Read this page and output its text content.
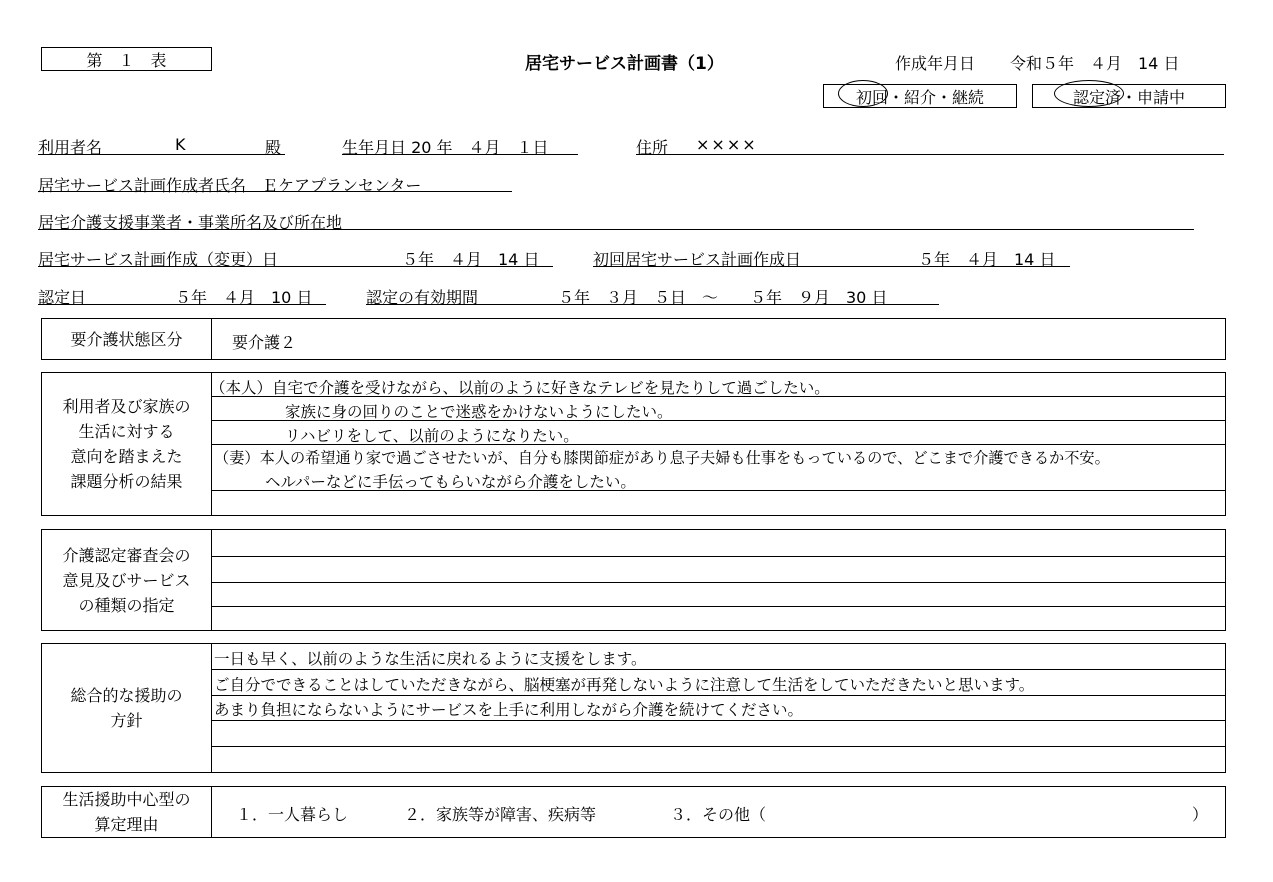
第　１　表	居宅サービス計画書（1）	作成年月日 令和５年　４月　14 日
初回・紹介・継続	認定済・申請中
利用者名	K	殿	生年月日 20 年　４月　１日	住所 ××××
居宅サービス計画作成者氏名　Ｅケアプランセンター
居宅介護支援事業者・事業所名及び所在地
居宅サービス計画作成（変更）日	５年　４月　14 日	初回居宅サービス計画作成日	５年　４月　14 日
認定日	５年　４月　10 日	認定の有効期間	５年　３月　５日　～　　５年　９月　30 日
要介護状態区分	要介護２
利用者及び家族の
生活に対する
意向を踏まえた
課題分析の結果
（本人）自宅で介護を受けながら、以前のように好きなテレビを見たりして過ごしたい。
家族に身の回りのことで迷惑をかけないようにしたい。
リハビリをして、以前のようになりたい。
（妻）本人の希望通り家で過ごさせたいが、自分も膝関節症があり息子夫婦も仕事をもっているので、どこまで介護できるか不安。
ヘルパーなどに手伝ってもらいながら介護をしたい。
介護認定審査会の
意見及びサービス
の種類の指定
総合的な援助の
方針
一日も早く、以前のような生活に戻れるように支援をします。
ご自分でできることはしていただきながら、脳梗塞が再発しないように注意して生活をしていただきたいと思います。
あまり負担にならないようにサービスを上手に利用しながら介護を続けてください。
生活援助中心型の
算定理由
１．一人暮らし	２．家族等が障害、疾病等	３．その他（	）
